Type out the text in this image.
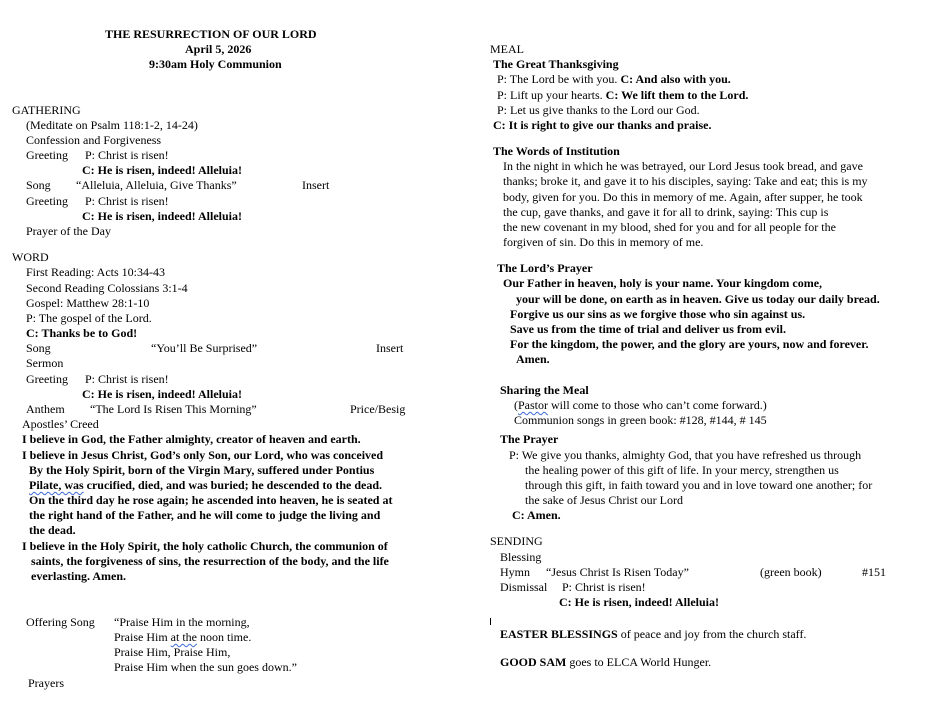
THE RESURRECTION OF OUR LORD
April 5, 2026
9:30am Holy Communion
GATHERING
(Meditate on Psalm 118:1-2, 14-24)
Confession and Forgiveness
Greeting P: Christ is risen!
C: He is risen, indeed! Alleluia!
Song “Alleluia, Alleluia, Give Thanks”	Insert
Greeting P: Christ is risen!
C: He is risen, indeed! Alleluia!
Prayer of the Day
WORD
First Reading: Acts 10:34-43
Second Reading Colossians 3:1-4
Gospel: Matthew 28:1-10
P: The gospel of the Lord.
C: Thanks be to God!
Song	“You’ll Be Surprised”	Insert
Sermon
Greeting P: Christ is risen!
C: He is risen, indeed! Alleluia!
Anthem “The Lord Is Risen This Morning”	Price/Besig
Apostles’ Creed
I believe in God, the Father almighty, creator of heaven and earth.
I believe in Jesus Christ, God’s only Son, our Lord, who was conceived
By the Holy Spirit, born of the Virgin Mary, suffered under Pontius
Pilate, was crucified, died, and was buried; he descended to the dead.
On the third day he rose again; he ascended into heaven, he is seated at
the right hand of the Father, and he will come to judge the living and
the dead.
I believe in the Holy Spirit, the holy catholic Church, the communion of
saints, the forgiveness of sins, the resurrection of the body, and the life
everlasting. Amen.
Offering Song “Praise Him in the morning,
Praise Him at the noon time.
Praise Him, Praise Him,
Praise Him when the sun goes down.”
Prayers
MEAL
The Great Thanksgiving
P: The Lord be with you. C: And also with you.
P: Lift up your hearts. C: We lift them to the Lord.
P: Let us give thanks to the Lord our God.
C: It is right to give our thanks and praise.
The Words of Institution
In the night in which he was betrayed, our Lord Jesus took bread, and gave
thanks; broke it, and gave it to his disciples, saying: Take and eat; this is my
body, given for you. Do this in memory of me. Again, after supper, he took
the cup, gave thanks, and gave it for all to drink, saying: This cup is
the new covenant in my blood, shed for you and for all people for the
forgiven of sin. Do this in memory of me.
The Lord’s Prayer
Our Father in heaven, holy is your name. Your kingdom come,
your will be done, on earth as in heaven. Give us today our daily bread.
Forgive us our sins as we forgive those who sin against us.
Save us from the time of trial and deliver us from evil.
For the kingdom, the power, and the glory are yours, now and forever.
Amen.
Sharing the Meal
(Pastor will come to those who can’t come forward.)
Communion songs in green book: #128, #144, # 145
The Prayer
P: We give you thanks, almighty God, that you have refreshed us through
the healing power of this gift of life. In your mercy, strengthen us
through this gift, in faith toward you and in love toward one another; for
the sake of Jesus Christ our Lord
C: Amen.
SENDING
Blessing
Hymn “Jesus Christ Is Risen Today”	(green book)	#151
Dismissal P: Christ is risen!
C: He is risen, indeed! Alleluia!
EASTER BLESSINGS of peace and joy from the church staff.
GOOD SAM goes to ELCA World Hunger.
